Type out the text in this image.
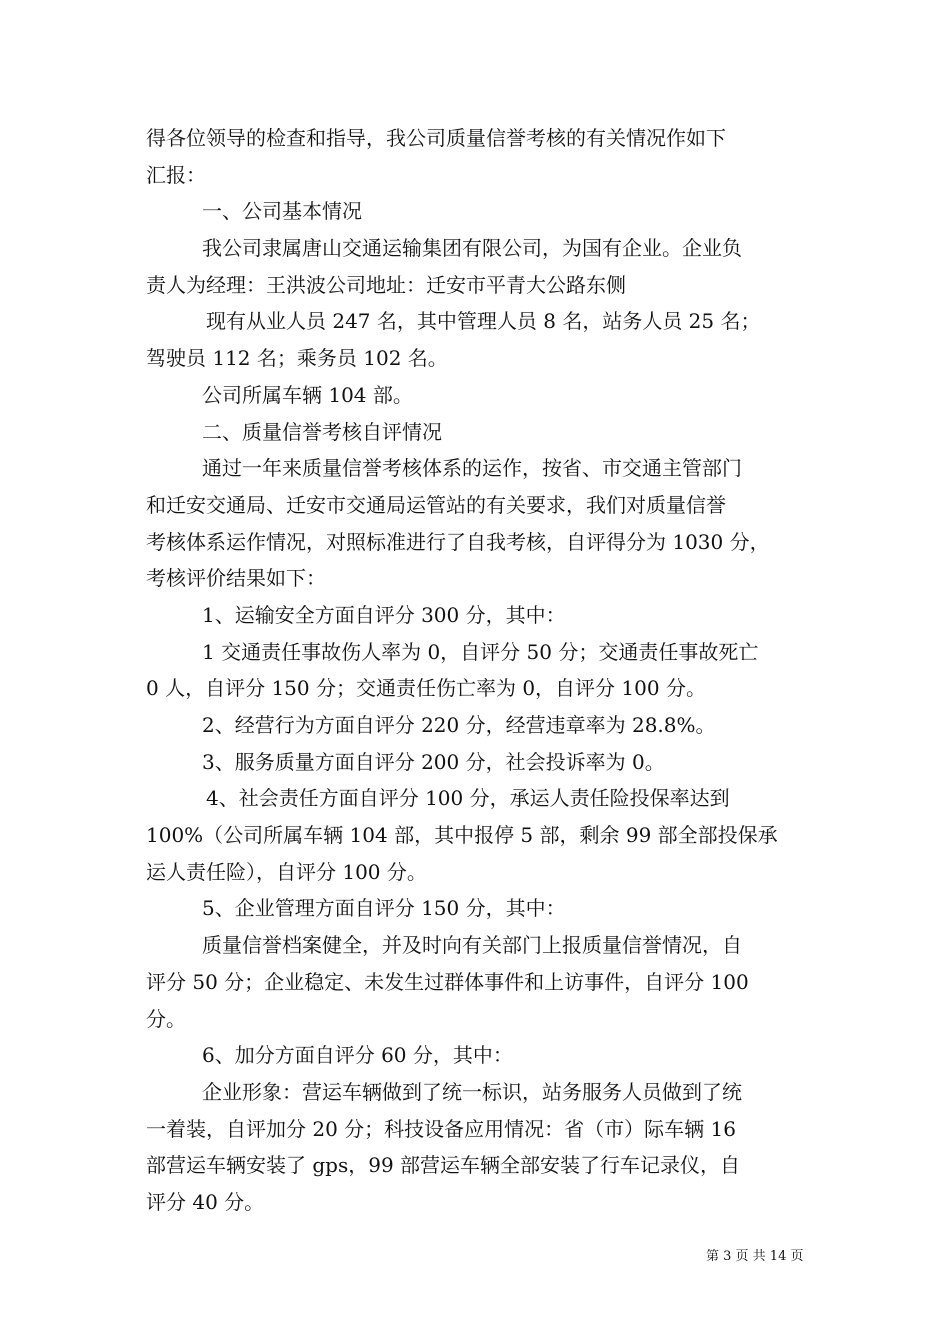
得各位领导的检查和指导，我公司质量信誉考核的有关情况作如下
汇报：
一、公司基本情况
我公司隶属唐山交通运输集团有限公司，为国有企业。企业负
责人为经理：王洪波公司地址：迁安市平青大公路东侧
现有从业人员 247 名，其中管理人员 8 名，站务人员 25 名；
驾驶员 112 名；乘务员 102 名。
公司所属车辆 104 部。
二、质量信誉考核自评情况
通过一年来质量信誉考核体系的运作，按省、市交通主管部门
和迁安交通局、迁安市交通局运管站的有关要求，我们对质量信誉
考核体系运作情况，对照标准进行了自我考核，自评得分为 1030 分，
考核评价结果如下：
1、运输安全方面自评分 300 分，其中：
1 交通责任事故伤人率为 0，自评分 50 分；交通责任事故死亡
0 人，自评分 150 分；交通责任伤亡率为 0，自评分 100 分。
2、经营行为方面自评分 220 分，经营违章率为 28.8%。
3、服务质量方面自评分 200 分，社会投诉率为 0。
4、社会责任方面自评分 100 分，承运人责任险投保率达到
100%（公司所属车辆 104 部，其中报停 5 部，剩余 99 部全部投保承
运人责任险），自评分 100 分。
5、企业管理方面自评分 150 分，其中：
质量信誉档案健全，并及时向有关部门上报质量信誉情况，自
评分 50 分；企业稳定、未发生过群体事件和上访事件，自评分 100
分。
6、加分方面自评分 60 分，其中：
企业形象：营运车辆做到了统一标识，站务服务人员做到了统
一着装，自评加分 20 分；科技设备应用情况：省（市）际车辆 16
部营运车辆安装了 gps，99 部营运车辆全部安装了行车记录仪，自
评分 40 分。
第 3 页 共 14 页
